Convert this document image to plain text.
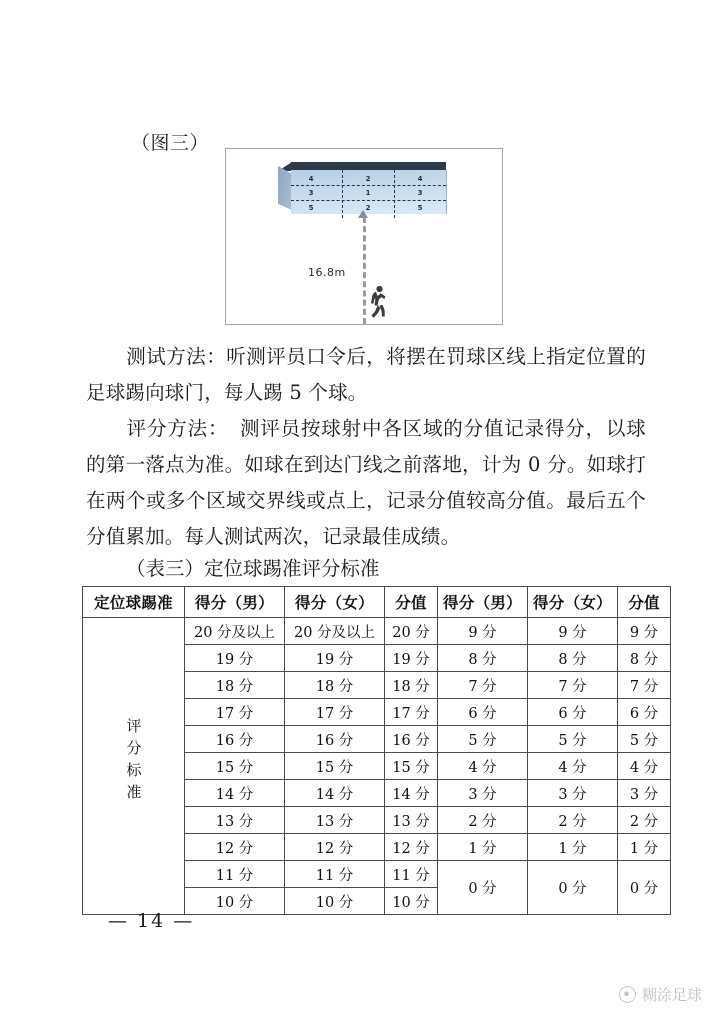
（图三）
4	2	4
3	1	3
5	2	5
16.8m
测试方法：听测评员口令后，将摆在罚球区线上指定位置的足球踢向球门，每人踢 5 个球。
评分方法： 测评员按球射中各区域的分值记录得分，以球的第一落点为准。如球在到达门线之前落地，计为 0 分。如球打在两个或多个区域交界线或点上，记录分值较高分值。最后五个分值累加。每人测试两次，记录最佳成绩。
（表三）定位球踢准评分标准
定位球踢准	得分（男）	得分（女）	分值	得分（男）	得分（女）	分值
评分标准	20 分及以上	20 分及以上	20 分	9 分	9 分	9 分
	19 分	19 分	19 分	8 分	8 分	8 分
	18 分	18 分	18 分	7 分	7 分	7 分
	17 分	17 分	17 分	6 分	6 分	6 分
	16 分	16 分	16 分	5 分	5 分	5 分
	15 分	15 分	15 分	4 分	4 分	4 分
	14 分	14 分	14 分	3 分	3 分	3 分
	13 分	13 分	13 分	2 分	2 分	2 分
	12 分	12 分	12 分	1 分	1 分	1 分
	11 分	11 分	11 分	0 分	0 分	0 分
	10 分	10 分	10 分			
— 14 —
糊涂足球
